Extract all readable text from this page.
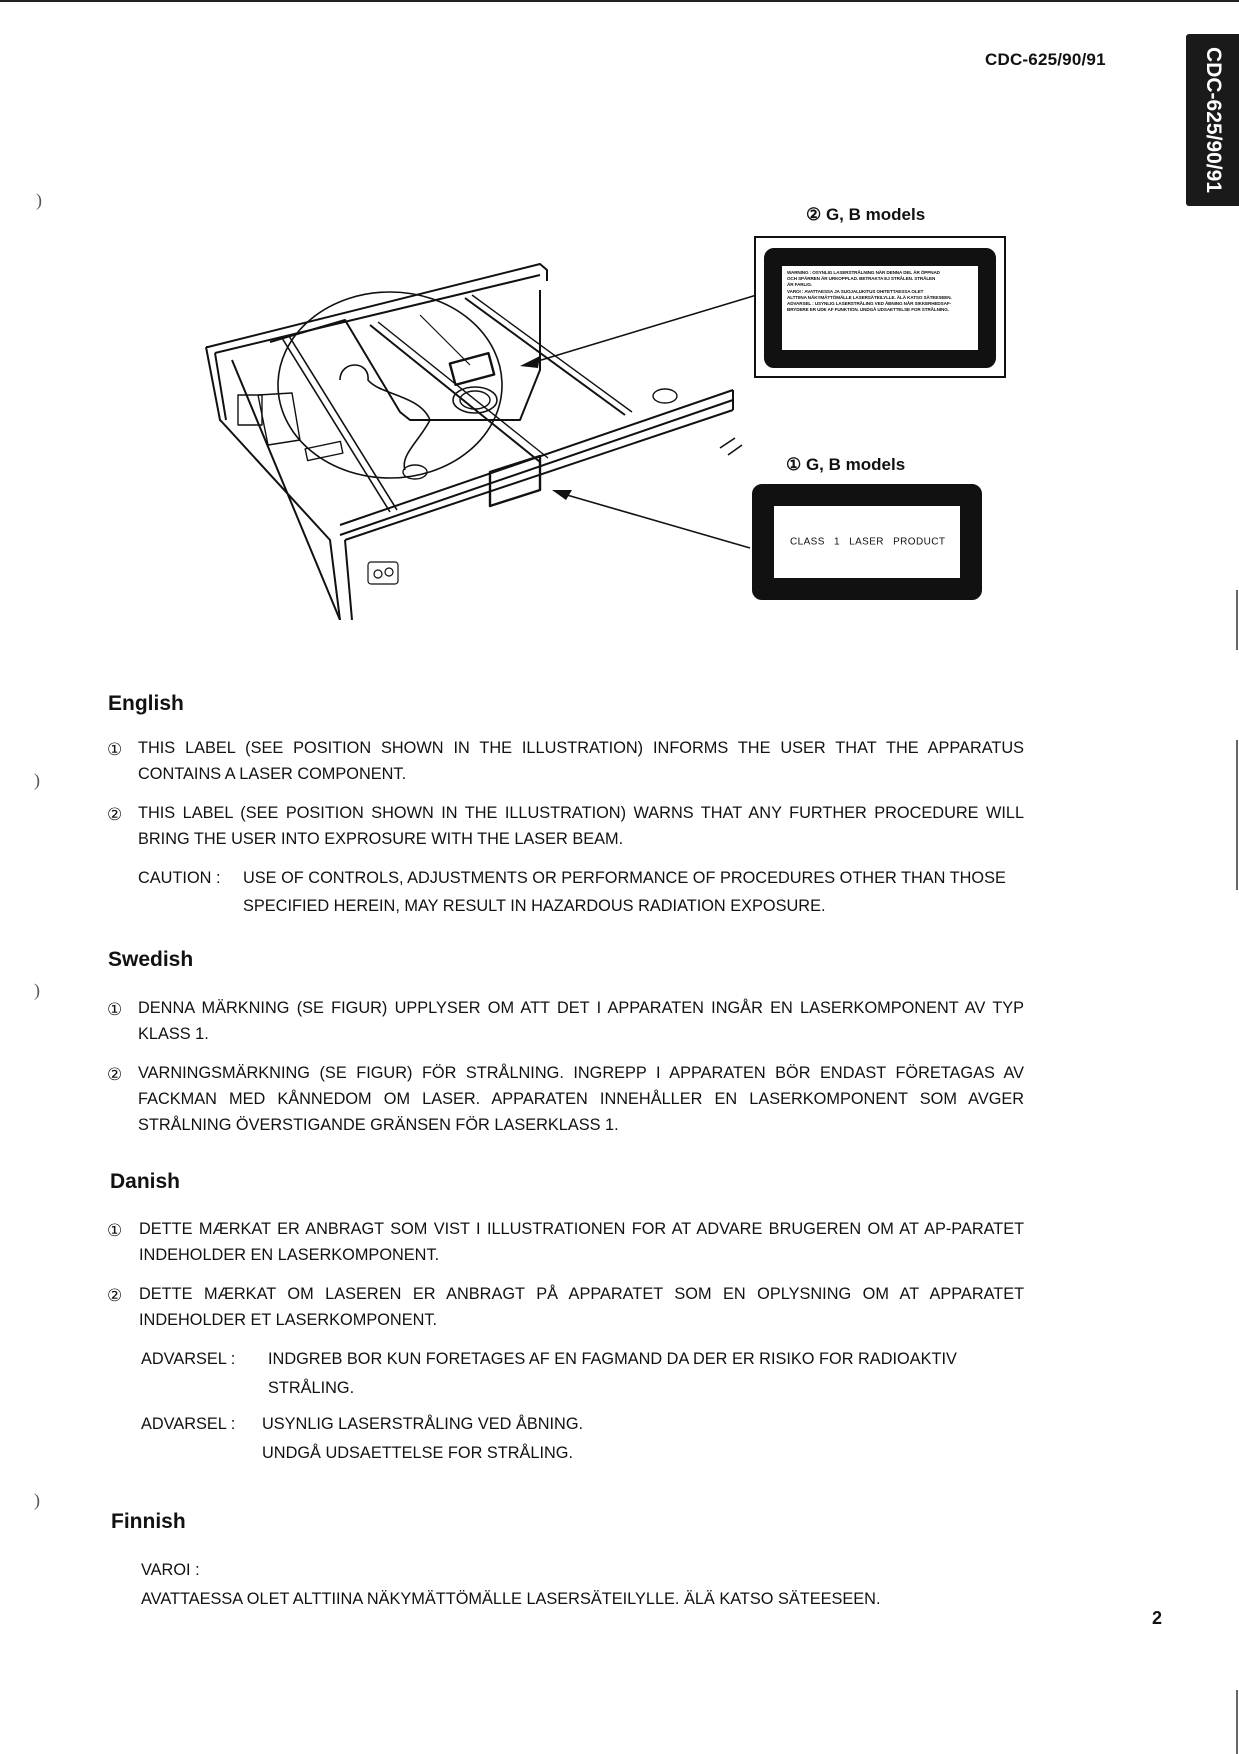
CDC-625/90/91	CDC-625/90/91
)
)
)
)
② G, B models
WARNING : OSYNLIG LASERSTRÅLNING NÄR DENNA DEL ÄR ÖPPNAD
OCH SPÄRREN ÄR URKOPPLAD. BETRAKTA EJ STRÅLEN. STRÅLEN
ÄR FARLIG.
VAROI : AVATTAESSA JA SUOJALUKITUS OHITETTAESSA OLET
ALTTIINA NÄKYMÄTTÖMÄLLE LASERSÄTEILYLLE. ÄLÄ KATSO SÄTEESEEN.
ADVARSEL : USYNLIG LASERSTRÅLING VED ÅBNING NÅR SIKKERHEDSAF-
BRYDERE ER UDE AF FUNKTION. UNDGÅ UDSAETTELSE FOR STRÅLNING.
① G, B models
CLASS 1 LASER PRODUCT
English
① THIS LABEL (SEE POSITION SHOWN IN THE ILLUSTRATION) INFORMS THE USER THAT THE APPARATUS CONTAINS A LASER COMPONENT.
② THIS LABEL (SEE POSITION SHOWN IN THE ILLUSTRATION) WARNS THAT ANY FURTHER PROCEDURE WILL BRING THE USER INTO EXPROSURE WITH THE LASER BEAM.
CAUTION : USE OF CONTROLS, ADJUSTMENTS OR PERFORMANCE OF PROCEDURES OTHER THAN THOSE
SPECIFIED HEREIN, MAY RESULT IN HAZARDOUS RADIATION EXPOSURE.
Swedish
① DENNA MÄRKNING (SE FIGUR) UPPLYSER OM ATT DET I APPARATEN INGÅR EN LASERKOMPONENT AV TYP KLASS 1.
② VARNINGSMÄRKNING (SE FIGUR) FÖR STRÅLNING. INGREPP I APPARATEN BÖR ENDAST FÖRETAGAS AV FACKMAN MED KÅNNEDOM OM LASER. APPARATEN INNEHÅLLER EN LASERKOMPONENT SOM AVGER STRÅLNING ÖVERSTIGANDE GRÄNSEN FÖR LASERKLASS 1.
Danish
① DETTE MÆRKAT ER ANBRAGT SOM VIST I ILLUSTRATIONEN FOR AT ADVARE BRUGEREN OM AT AP-PARATET INDEHOLDER EN LASERKOMPONENT.
② DETTE MÆRKAT OM LASEREN ER ANBRAGT PÅ APPARATET SOM EN OPLYSNING OM AT APPARATET INDEHOLDER ET LASERKOMPONENT.
ADVARSEL : INDGREB BOR KUN FORETAGES AF EN FAGMAND DA DER ER RISIKO FOR RADIOAKTIV
STRÅLING.
ADVARSEL : USYNLIG LASERSTRÅLING VED ÅBNING.
UNDGÅ UDSAETTELSE FOR STRÅLING.
Finnish
VAROI :
AVATTAESSA OLET ALTTIINA NÄKYMÄTTÖMÄLLE LASERSÄTEILYLLE. ÄLÄ KATSO SÄTEESEEN.
2
